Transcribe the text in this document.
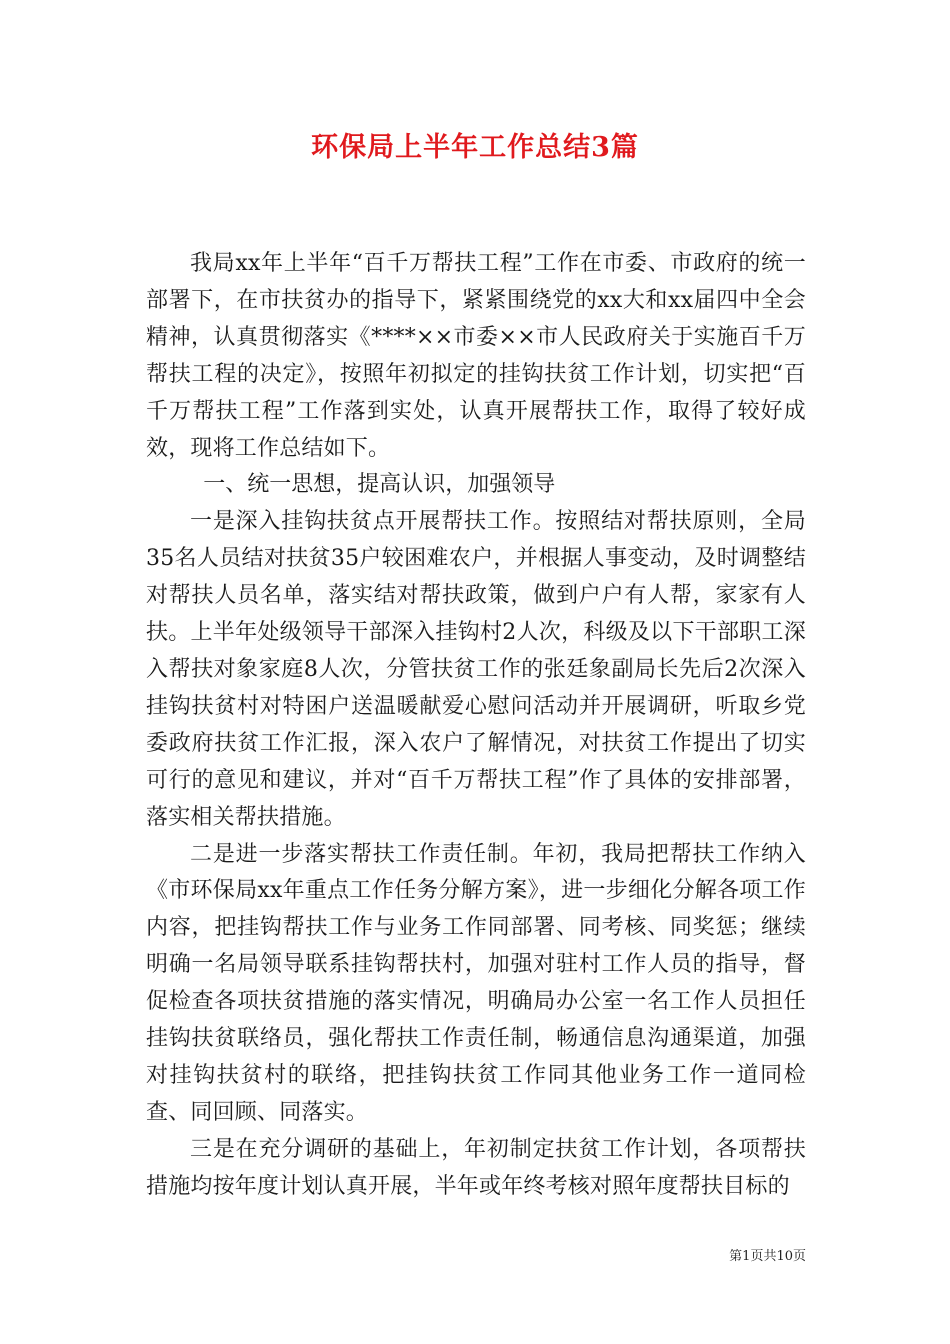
环保局上半年工作总结3篇

我局xx年上半年“百千万帮扶工程”工作在市委、市政府的统一部署下，在市扶贫办的指导下，紧紧围绕党的xx大和xx届四中全会精神，认真贯彻落实《****××市委××市人民政府关于实施百千万帮扶工程的决定》，按照年初拟定的挂钩扶贫工作计划，切实把“百千万帮扶工程”工作落到实处，认真开展帮扶工作，取得了较好成效，现将工作总结如下。

一、统一思想，提高认识，加强领导

一是深入挂钩扶贫点开展帮扶工作。按照结对帮扶原则，全局35名人员结对扶贫35户较困难农户，并根据人事变动，及时调整结对帮扶人员名单，落实结对帮扶政策，做到户户有人帮，家家有人扶。上半年处级领导干部深入挂钩村2人次，科级及以下干部职工深入帮扶对象家庭8人次，分管扶贫工作的张廷象副局长先后2次深入挂钩扶贫村对特困户送温暖献爱心慰问活动并开展调研，听取乡党委政府扶贫工作汇报，深入农户了解情况，对扶贫工作提出了切实可行的意见和建议，并对“百千万帮扶工程”作了具体的安排部署，落实相关帮扶措施。

二是进一步落实帮扶工作责任制。年初，我局把帮扶工作纳入《市环保局xx年重点工作任务分解方案》，进一步细化分解各项工作内容，把挂钩帮扶工作与业务工作同部署、同考核、同奖惩；继续明确一名局领导联系挂钩帮扶村，加强对驻村工作人员的指导，督促检查各项扶贫措施的落实情况，明确局办公室一名工作人员担任挂钩扶贫联络员，强化帮扶工作责任制，畅通信息沟通渠道，加强对挂钩扶贫村的联络，把挂钩扶贫工作同其他业务工作一道同检查、同回顾、同落实。

三是在充分调研的基础上，年初制定扶贫工作计划，各项帮扶措施均按年度计划认真开展，半年或年终考核对照年度帮扶目标的

第1页共10页
